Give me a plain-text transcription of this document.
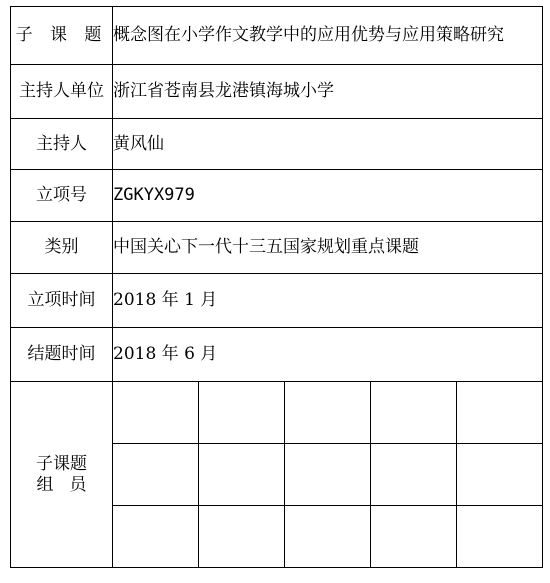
子 课 题	概念图在小学作文教学中的应用优势与应用策略研究
主持人单位	浙江省苍南县龙港镇海城小学
主持人	黄风仙
立项号	ZGKYX979
类别	中国关心下一代十三五国家规划重点课题
立项时间	2018 年 1 月
结题时间	2018 年 6 月

子课题
组员
